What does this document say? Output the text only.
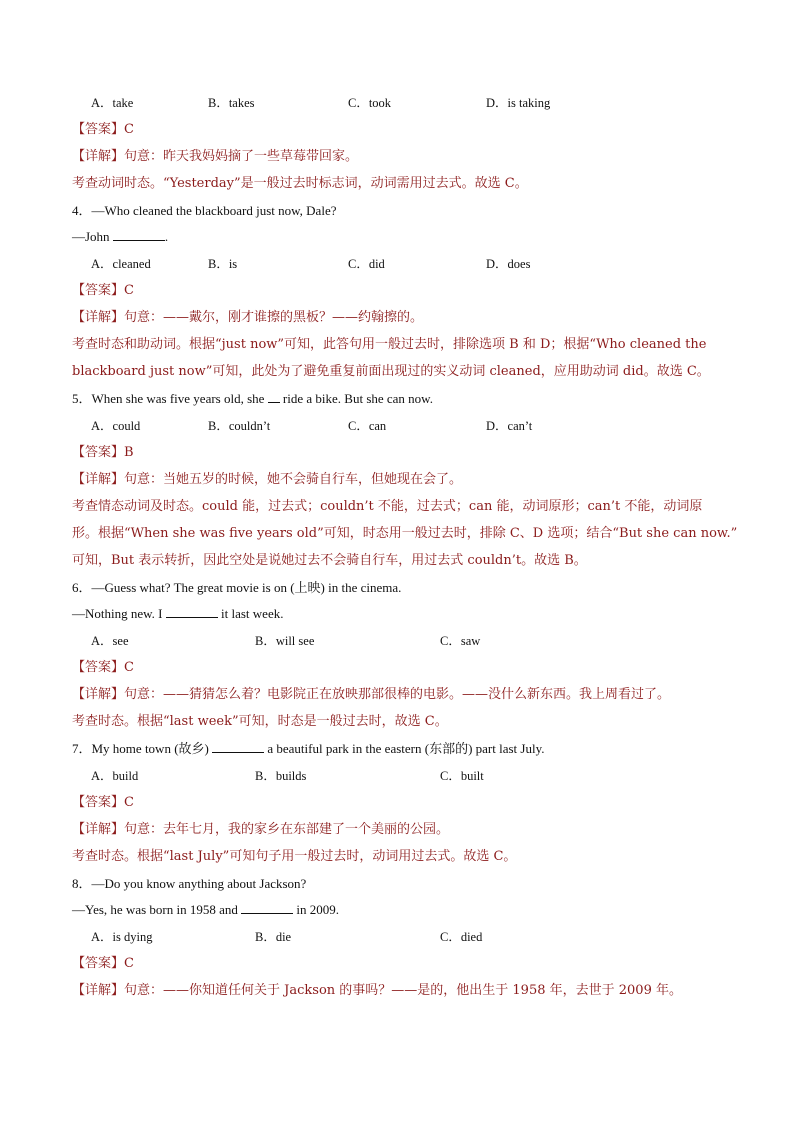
A．take	B．takes	C．took	D．is taking
【答案】C
【详解】句意：昨天我妈妈摘了一些草莓带回家。
考查动词时态。“Yesterday”是一般过去时标志词，动词需用过去式。故选 C。
4．—Who cleaned the blackboard just now, Dale?
—John	.
A．cleaned	B．is	C．did	D．does
【答案】C
【详解】句意：——戴尔，刚才谁擦的黑板？——约翰擦的。
考查时态和助动词。根据“just now”可知，此答句用一般过去时，排除选项 B 和 D；根据“Who cleaned the
blackboard just now”可知，此处为了避免重复前面出现过的实义动词 cleaned，应用助动词 did。故选 C。
5．When she was five years old, she ride a bike. But she can now.
A．could	B．couldn’t	C．can	D．can’t
【答案】B
【详解】句意：当她五岁的时候，她不会骑自行车，但她现在会了。
考查情态动词及时态。could 能，过去式；couldn’t 不能，过去式；can 能，动词原形；can’t 不能，动词原
形。根据“When she was five years old”可知，时态用一般过去时，排除 C、D 选项；结合“But she can now.”
可知，But 表示转折，因此空处是说她过去不会骑自行车，用过去式 couldn’t。故选 B。
6．—Guess what? The great movie is on (上映) in the cinema.
—Nothing new. I	it last week.
A．see	B．will see	C．saw
【答案】C
【详解】句意：——猜猜怎么着？电影院正在放映那部很棒的电影。——没什么新东西。我上周看过了。
考查时态。根据“last week”可知，时态是一般过去时，故选 C。
7．My home town (故乡)	a beautiful park in the eastern (东部的) part last July.
A．build	B．builds	C．built
【答案】C
【详解】句意：去年七月，我的家乡在东部建了一个美丽的公园。
考查时态。根据“last July”可知句子用一般过去时，动词用过去式。故选 C。
8．—Do you know anything about Jackson?
—Yes, he was born in 1958 and	in 2009.
A．is dying	B．die	C．died
【答案】C
【详解】句意：——你知道任何关于 Jackson 的事吗？——是的，他出生于 1958 年，去世于 2009 年。
